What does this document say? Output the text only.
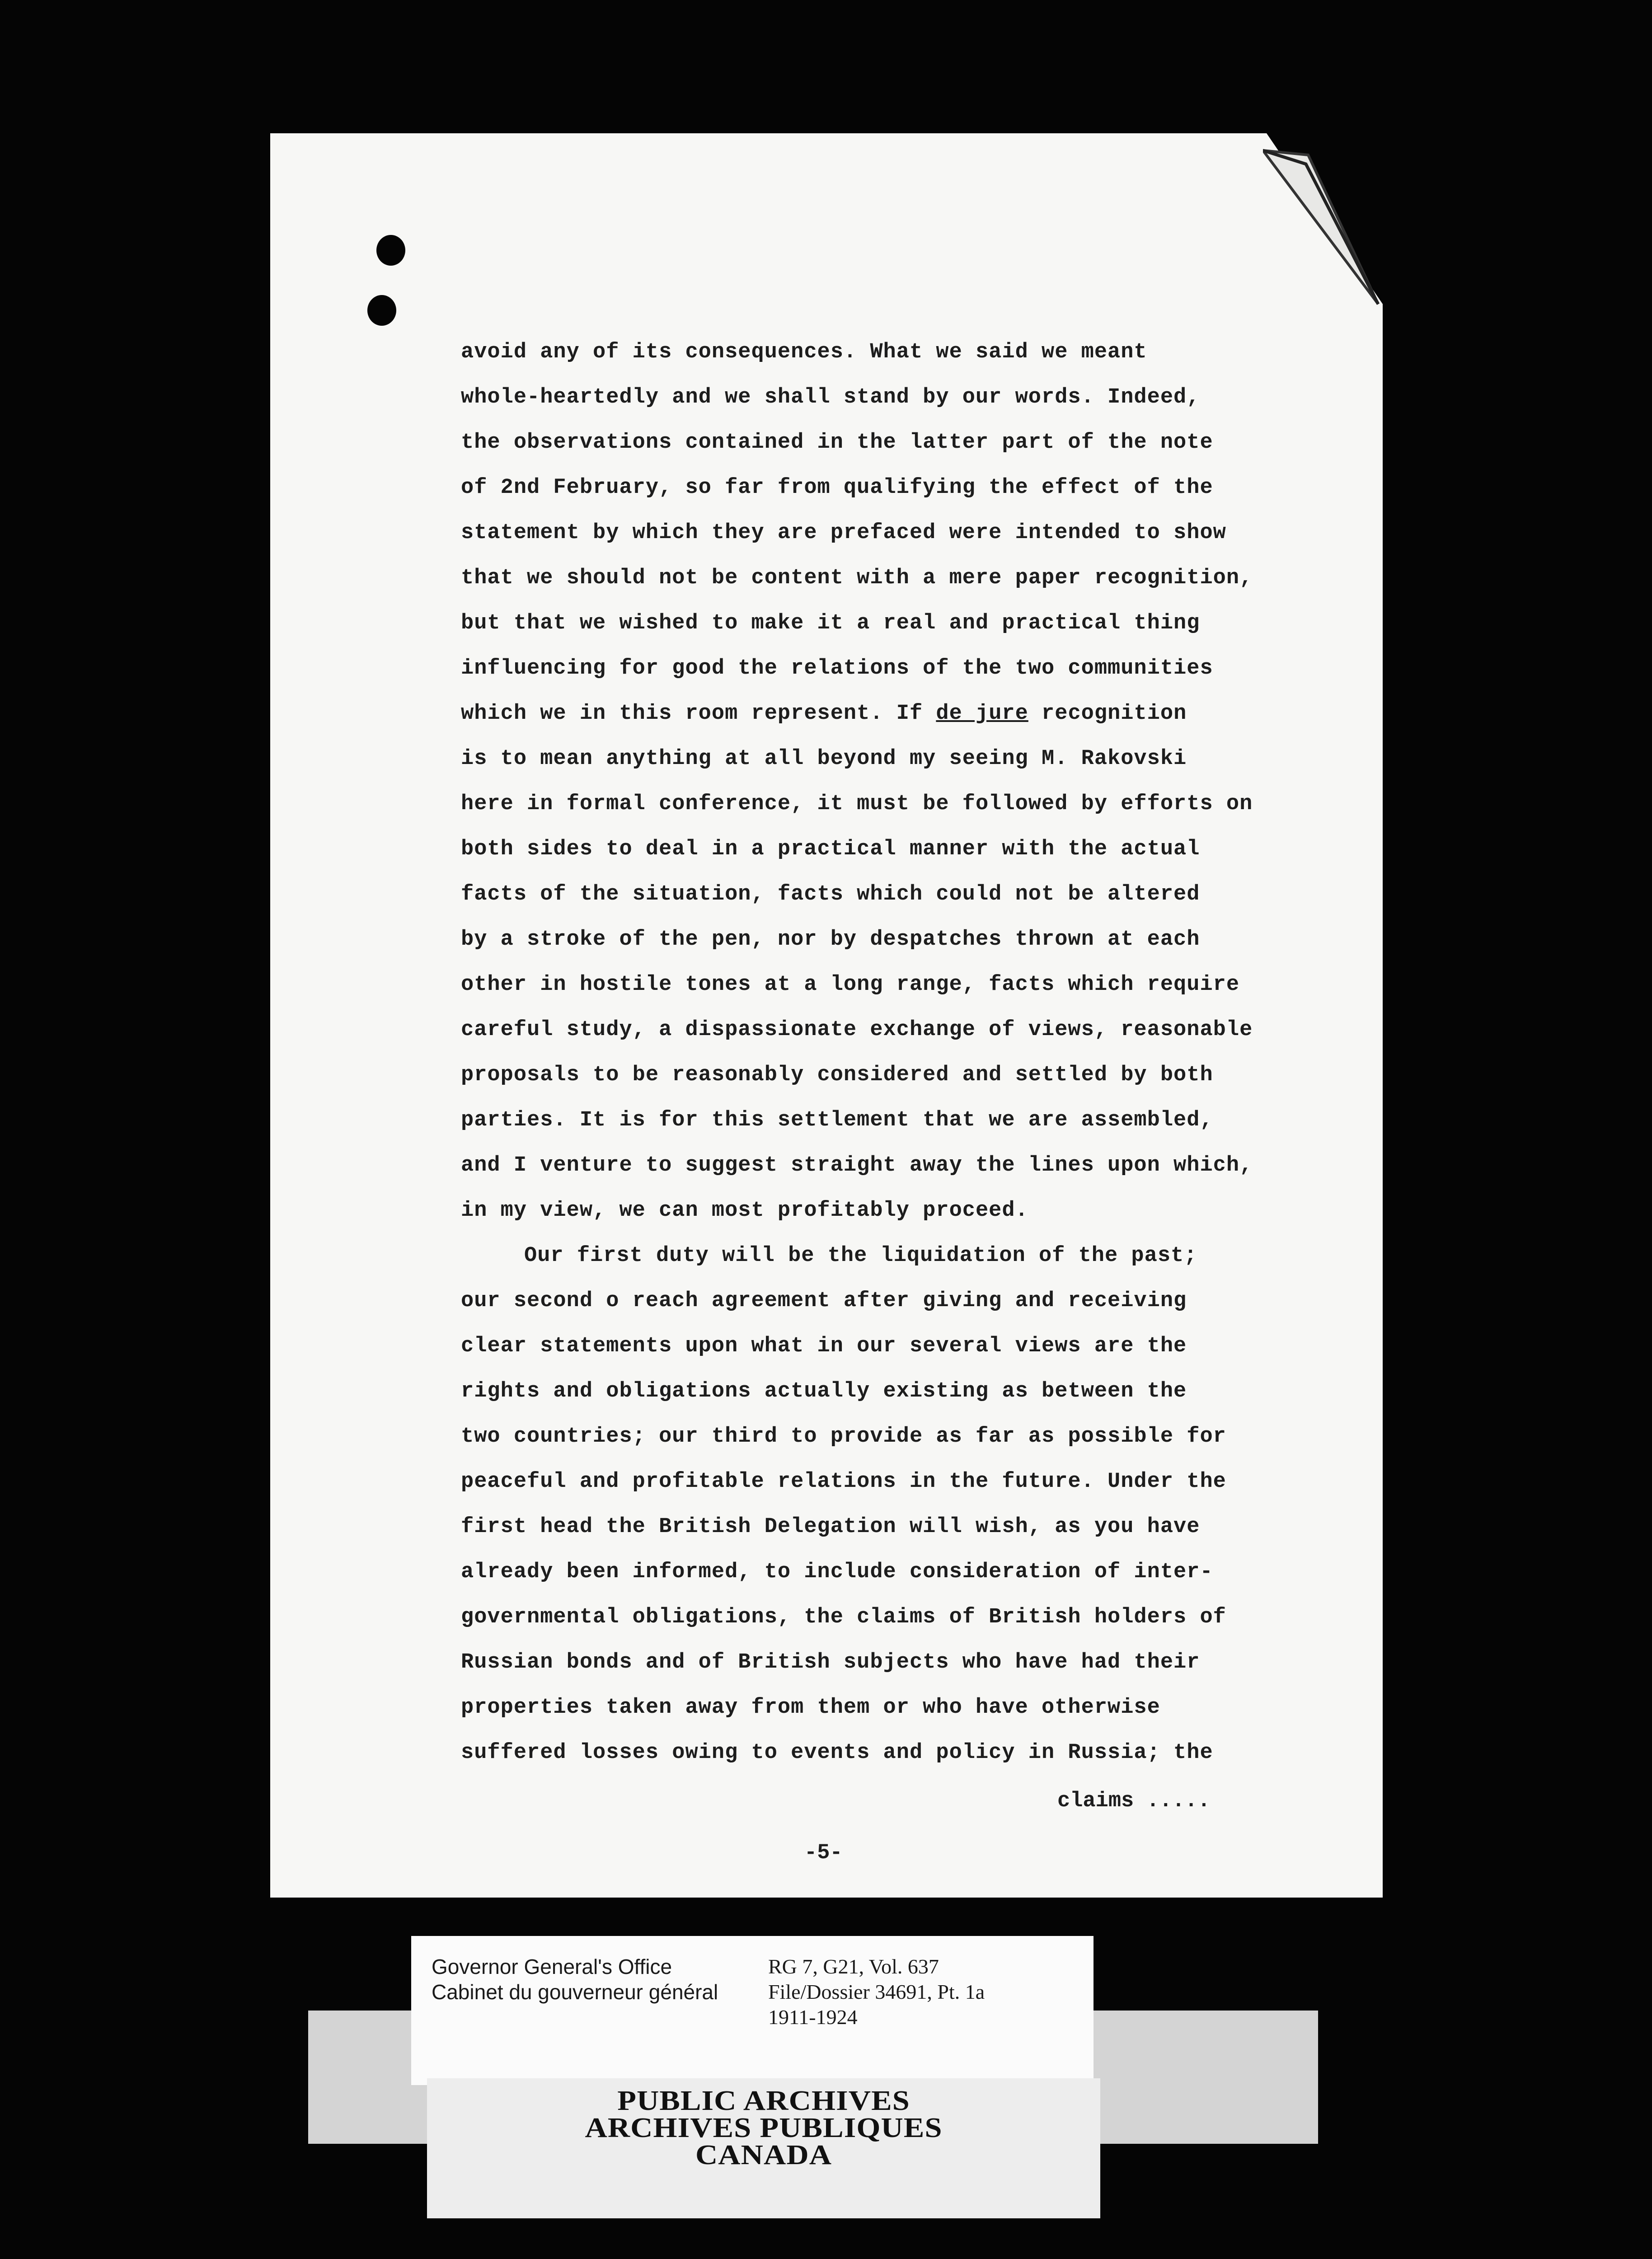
avoid any of its consequences. What we said we meant
whole-heartedly and we shall stand by our words. Indeed,
the observations contained in the latter part of the note
of 2nd February, so far from qualifying the effect of the
statement by which they are prefaced were intended to show
that we should not be content with a mere paper recognition,
but that we wished to make it a real and practical thing
influencing for good the relations of the two communities
which we in this room represent. If de jure recognition
is to mean anything at all beyond my seeing M. Rakovski
here in formal conference, it must be followed by efforts on
both sides to deal in a practical manner with the actual
facts of the situation, facts which could not be altered
by a stroke of the pen, nor by despatches thrown at each
other in hostile tones at a long range, facts which require
careful study, a dispassionate exchange of views, reasonable
proposals to be reasonably considered and settled by both
parties. It is for this settlement that we are assembled,
and I venture to suggest straight away the lines upon which,
in my view, we can most profitably proceed.
Our first duty will be the liquidation of the past;
our second o reach agreement after giving and receiving
clear statements upon what in our several views are the
rights and obligations actually existing as between the
two countries; our third to provide as far as possible for
peaceful and profitable relations in the future. Under the
first head the British Delegation will wish, as you have
already been informed, to include consideration of inter-
governmental obligations, the claims of British holders of
Russian bonds and of British subjects who have had their
properties taken away from them or who have otherwise
suffered losses owing to events and policy in Russia; the
claims .....
-5-
Governor General's Office
Cabinet du gouverneur général
RG 7, G21, Vol. 637
File/Dossier 34691, Pt. 1a
1911-1924
PUBLIC ARCHIVES
ARCHIVES PUBLIQUES
CANADA
